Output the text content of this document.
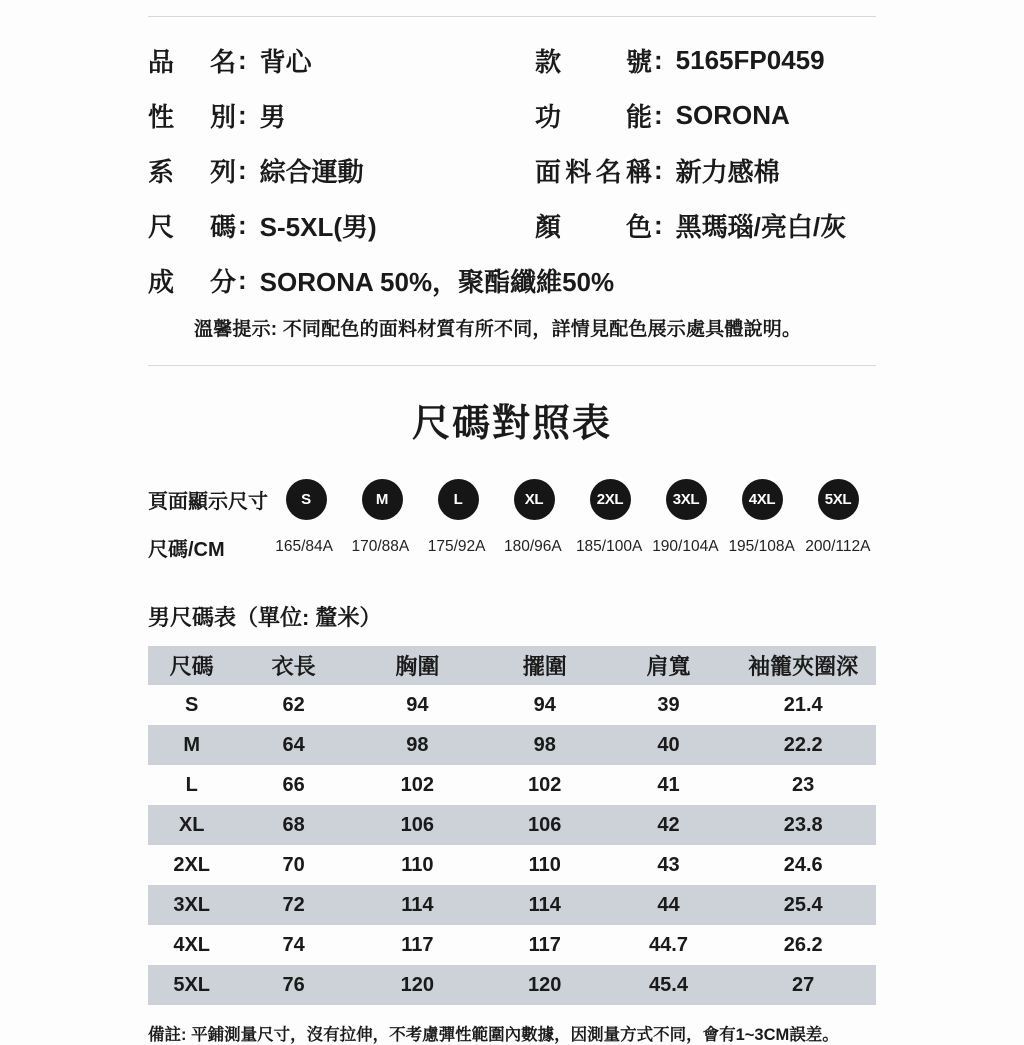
品名 : 背心	款號 : 5165FP0459
性別 : 男	功能 : SORONA
系列 : 綜合運動	面料名稱 : 新力感棉
尺碼 : S-5XL(男)	顏色 : 黑瑪瑙/亮白/灰
成分 : SORONA 50%，聚酯纖維50%
溫馨提示: 不同配色的面料材質有所不同，詳情見配色展示處具體說明。
尺碼對照表
頁面顯示尺寸	S	M	L	XL	2XL	3XL	4XL	5XL
尺碼/CM	165/84A	170/88A	175/92A	180/96A 185/100A 190/104A 195/108A 200/112A
男尺碼表（單位: 釐米）
尺碼	衣長	胸圍	擺圍	肩寬	袖籠夾圈深
S	62	94	94	39	21.4
M	64	98	98	40	22.2
L	66	102	102	41	23
XL	68	106	106	42	23.8
2XL	70	110	110	43	24.6
3XL	72	114	114	44	25.4
4XL	74	117	117	44.7	26.2
5XL	76	120	120	45.4	27
備註: 平鋪測量尺寸，沒有拉伸，不考慮彈性範圍內數據，因測量方式不同，會有1~3CM誤差。
